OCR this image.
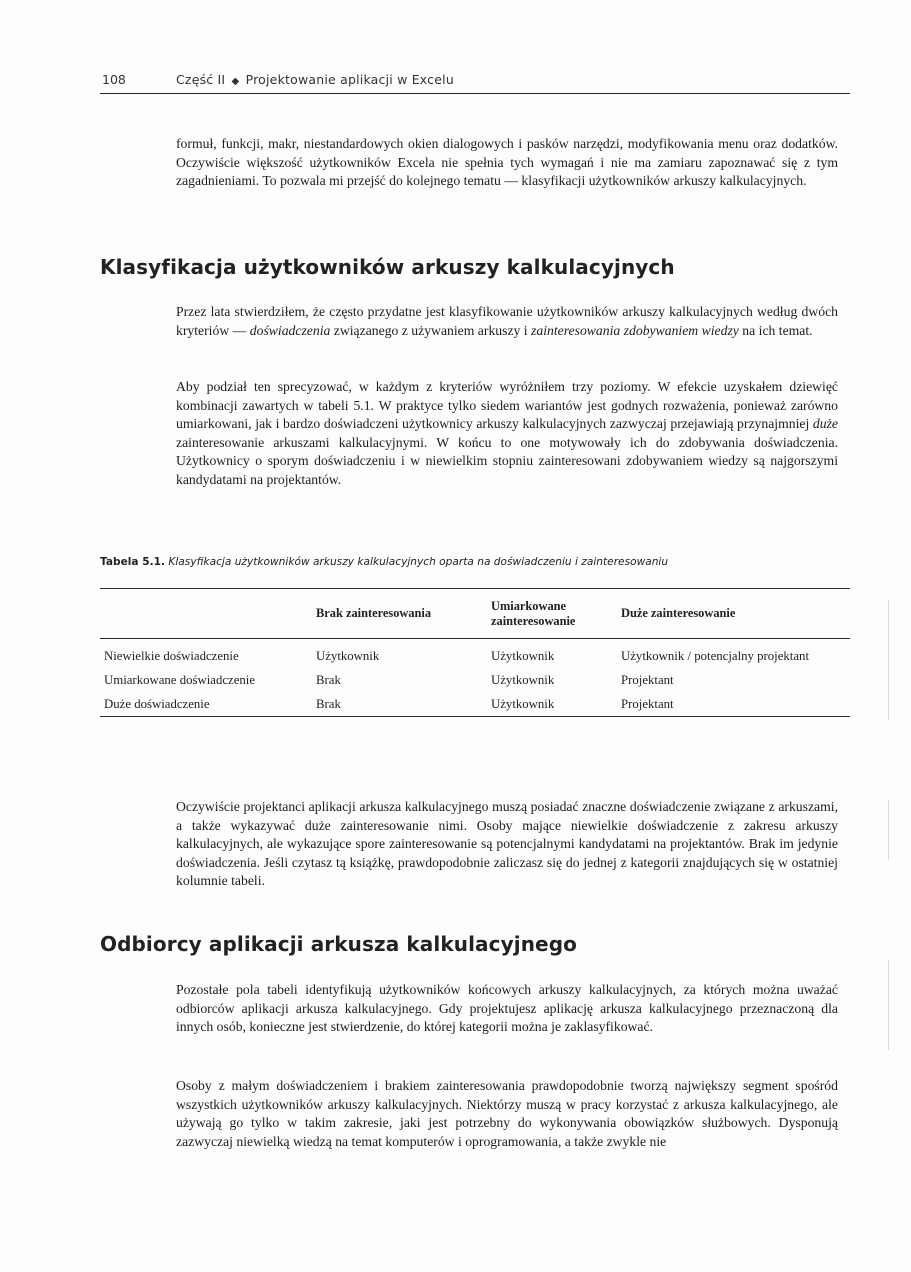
108	Część II ◆ Projektowanie aplikacji w Excelu

formuł, funkcji, makr, niestandardowych okien dialogowych i pasków narzędzi, modyfikowania menu oraz dodatków. Oczywiście większość użytkowników Excela nie spełnia tych wymagań i nie ma zamiaru zapoznawać się z tym zagadnieniami. To pozwala mi przejść do kolejnego tematu — klasyfikacji użytkowników arkuszy kalkulacyjnych.

Klasyfikacja użytkowników arkuszy kalkulacyjnych

Przez lata stwierdziłem, że często przydatne jest klasyfikowanie użytkowników arkuszy kalkulacyjnych według dwóch kryteriów — doświadczenia związanego z używaniem arkuszy i zainteresowania zdobywaniem wiedzy na ich temat.

Aby podział ten sprecyzować, w każdym z kryteriów wyróżniłem trzy poziomy. W efekcie uzyskałem dziewięć kombinacji zawartych w tabeli 5.1. W praktyce tylko siedem wariantów jest godnych rozważenia, ponieważ zarówno umiarkowani, jak i bardzo doświadczeni użytkownicy arkuszy kalkulacyjnych zazwyczaj przejawiają przynajmniej duże zainteresowanie arkuszami kalkulacyjnymi. W końcu to one motywowały ich do zdobywania doświadczenia. Użytkownicy o sporym doświadczeniu i w niewielkim stopniu zainteresowani zdobywaniem wiedzy są najgorszymi kandydatami na projektantów.

Tabela 5.1. Klasyfikacja użytkowników arkuszy kalkulacyjnych oparta na doświadczeniu i zainteresowaniu
	Brak zainteresowania	Umiarkowane zainteresowanie	Duże zainteresowanie
Niewielkie doświadczenie	Użytkownik	Użytkownik	Użytkownik / potencjalny projektant
Umiarkowane doświadczenie	Brak	Użytkownik	Projektant
Duże doświadczenie	Brak	Użytkownik	Projektant

Oczywiście projektanci aplikacji arkusza kalkulacyjnego muszą posiadać znaczne doświadczenie związane z arkuszami, a także wykazywać duże zainteresowanie nimi. Osoby mające niewielkie doświadczenie z zakresu arkuszy kalkulacyjnych, ale wykazujące spore zainteresowanie są potencjalnymi kandydatami na projektantów. Brak im jedynie doświadczenia. Jeśli czytasz tą książkę, prawdopodobnie zaliczasz się do jednej z kategorii znajdujących się w ostatniej kolumnie tabeli.

Odbiorcy aplikacji arkusza kalkulacyjnego

Pozostałe pola tabeli identyfikują użytkowników końcowych arkuszy kalkulacyjnych, za których można uważać odbiorców aplikacji arkusza kalkulacyjnego. Gdy projektujesz aplikację arkusza kalkulacyjnego przeznaczoną dla innych osób, konieczne jest stwierdzenie, do której kategorii można je zaklasyfikować.

Osoby z małym doświadczeniem i brakiem zainteresowania prawdopodobnie tworzą największy segment spośród wszystkich użytkowników arkuszy kalkulacyjnych. Niektórzy muszą w pracy korzystać z arkusza kalkulacyjnego, ale używają go tylko w takim zakresie, jaki jest potrzebny do wykonywania obowiązków służbowych. Dysponują zazwyczaj niewielką wiedzą na temat komputerów i oprogramowania, a także zwykle nie
